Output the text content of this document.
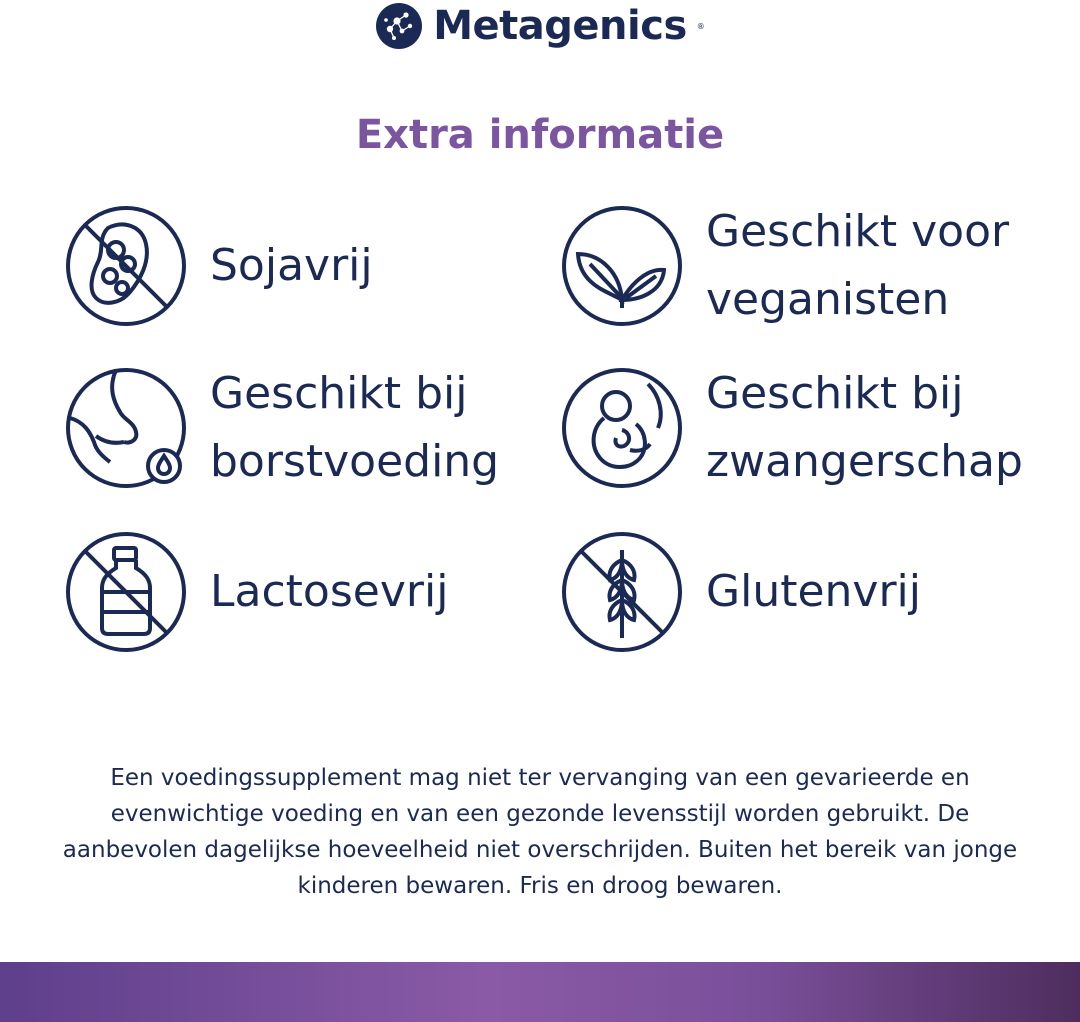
Metagenics ®
Extra informatie
Sojavrij
Geschikt voor
veganisten
Geschikt bij
borstvoeding
Geschikt bij
zwangerschap
Lactosevrij	Glutenvrij
Een voedingssupplement mag niet ter vervanging van een gevarieerde en evenwichtige voeding en van een gezonde levensstijl worden gebruikt. De aanbevolen dagelijkse hoeveelheid niet overschrijden. Buiten het bereik van jonge kinderen bewaren. Fris en droog bewaren.
